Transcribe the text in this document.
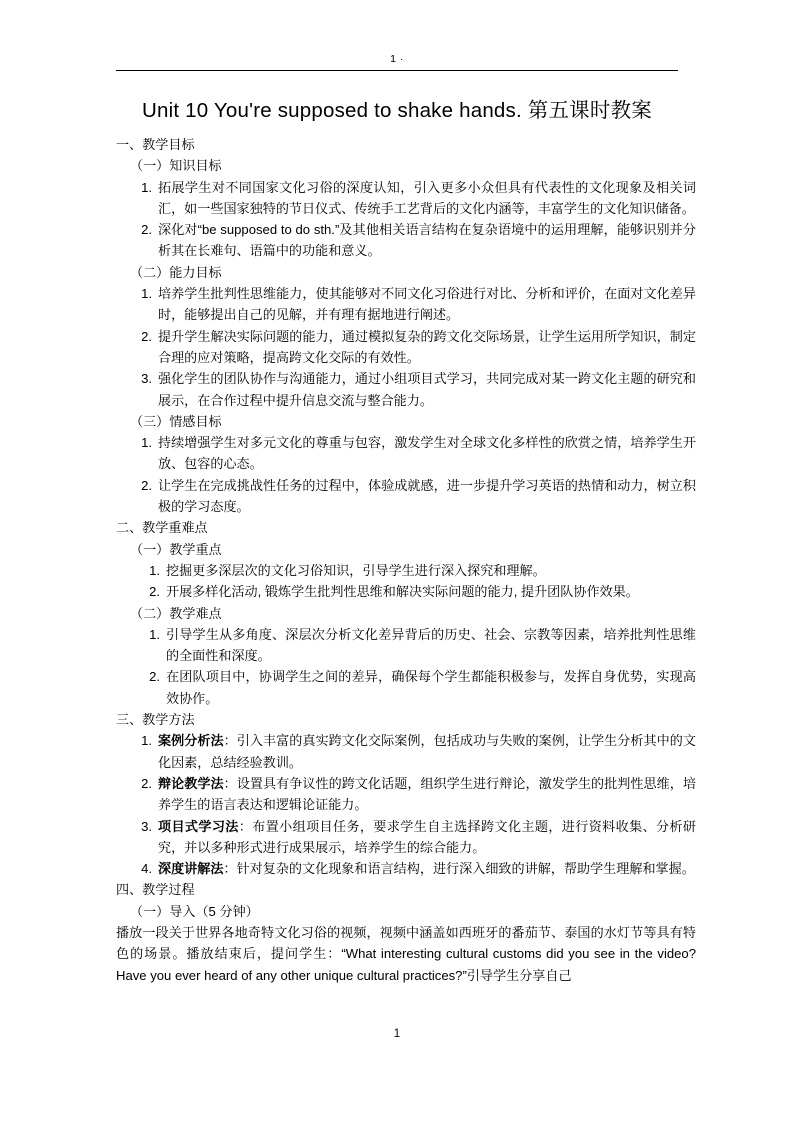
1 ·
Unit 10 You're supposed to shake hands. 第五课时教案

一、教学目标

（一）知识目标

1. 拓展学生对不同国家文化习俗的深度认知，引入更多小众但具有代表性的文化现象及相关词汇，如一些国家独特的节日仪式、传统手工艺背后的文化内涵等，丰富学生的文化知识储备。
2. 深化对“be supposed to do sth.”及其他相关语言结构在复杂语境中的运用理解，能够识别并分析其在长难句、语篇中的功能和意义。

（二）能力目标

1. 培养学生批判性思维能力，使其能够对不同文化习俗进行对比、分析和评价，在面对文化差异时，能够提出自己的见解，并有理有据地进行阐述。
2. 提升学生解决实际问题的能力，通过模拟复杂的跨文化交际场景，让学生运用所学知识，制定合理的应对策略，提高跨文化交际的有效性。
3. 强化学生的团队协作与沟通能力，通过小组项目式学习，共同完成对某一跨文化主题的研究和展示，在合作过程中提升信息交流与整合能力。

（三）情感目标

1. 持续增强学生对多元文化的尊重与包容，激发学生对全球文化多样性的欣赏之情，培养学生开放、包容的心态。
2. 让学生在完成挑战性任务的过程中，体验成就感，进一步提升学习英语的热情和动力，树立积极的学习态度。

二、教学重难点

（一）教学重点

1. 挖掘更多深层次的文化习俗知识，引导学生进行深入探究和理解。
2. 开展多样化活动, 锻炼学生批判性思维和解决实际问题的能力, 提升团队协作效果。

（二）教学难点

1. 引导学生从多角度、深层次分析文化差异背后的历史、社会、宗教等因素，培养批判性思维的全面性和深度。
2. 在团队项目中，协调学生之间的差异，确保每个学生都能积极参与，发挥自身优势，实现高效协作。

三、教学方法

1. 案例分析法：引入丰富的真实跨文化交际案例，包括成功与失败的案例，让学生分析其中的文化因素，总结经验教训。
2. 辩论教学法：设置具有争议性的跨文化话题，组织学生进行辩论，激发学生的批判性思维，培养学生的语言表达和逻辑论证能力。
3. 项目式学习法：布置小组项目任务，要求学生自主选择跨文化主题，进行资料收集、分析研究，并以多种形式进行成果展示，培养学生的综合能力。
4. 深度讲解法：针对复杂的文化现象和语言结构，进行深入细致的讲解，帮助学生理解和掌握。

四、教学过程

（一）导入（5 分钟）

播放一段关于世界各地奇特文化习俗的视频，视频中涵盖如西班牙的番茄节、泰国的水灯节等具有特色的场景。播放结束后，提问学生：“What interesting cultural customs did you see in the video? Have you ever heard of any other unique cultural practices?”引导学生分享自己

1
